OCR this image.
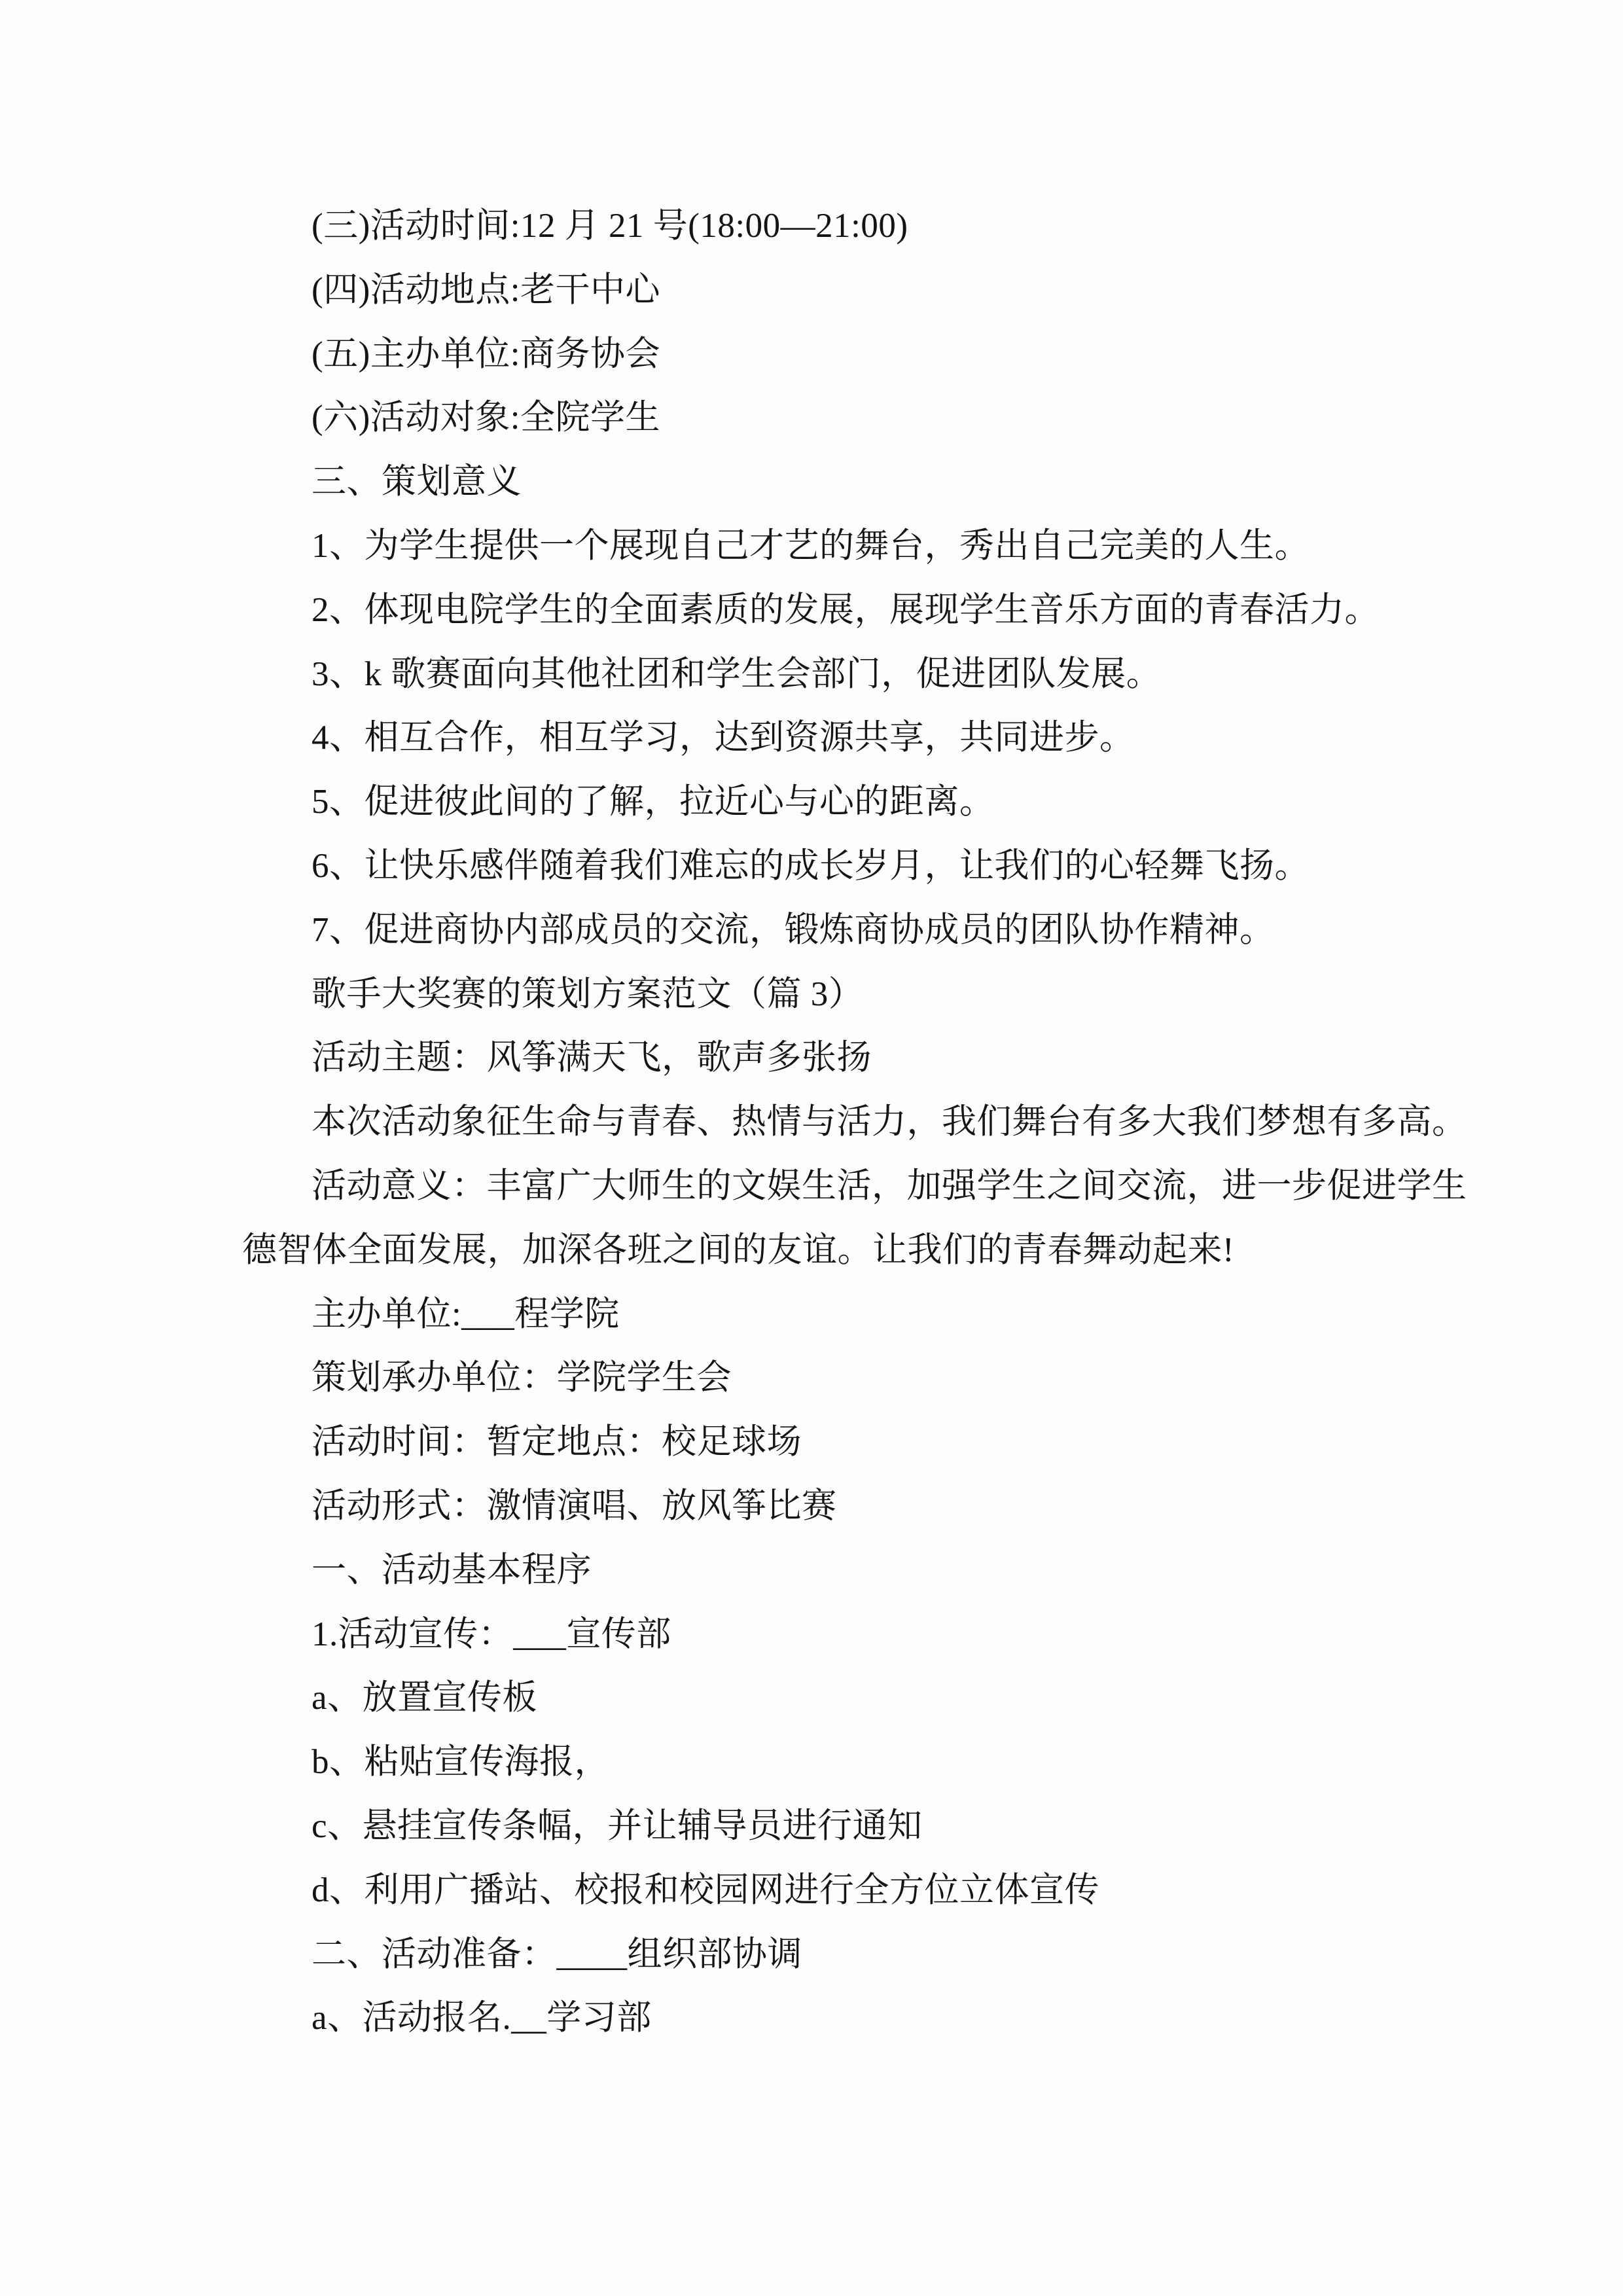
(三)活动时间:12 月 21 号(18:00—21:00)
(四)活动地点:老干中心
(五)主办单位:商务协会
(六)活动对象:全院学生
三、策划意义
1、为学生提供一个展现自己才艺的舞台，秀出自己完美的人生。
2、体现电院学生的全面素质的发展，展现学生音乐方面的青春活力。
3、k 歌赛面向其他社团和学生会部门，促进团队发展。
4、相互合作，相互学习，达到资源共享，共同进步。
5、促进彼此间的了解，拉近心与心的距离。
6、让快乐感伴随着我们难忘的成长岁月，让我们的心轻舞飞扬。
7、促进商协内部成员的交流，锻炼商协成员的团队协作精神。
歌手大奖赛的策划方案范文（篇 3）
活动主题：风筝满天飞，歌声多张扬
本次活动象征生命与青春、热情与活力，我们舞台有多大我们梦想有多高。
活动意义：丰富广大师生的文娱生活，加强学生之间交流，进一步促进学生
德智体全面发展，加深各班之间的友谊。让我们的青春舞动起来!
主办单位:___程学院
策划承办单位：学院学生会
活动时间：暂定地点：校足球场
活动形式：激情演唱、放风筝比赛
一、活动基本程序
1.活动宣传：___宣传部
a、放置宣传板
b、粘贴宣传海报，
c、悬挂宣传条幅，并让辅导员进行通知
d、利用广播站、校报和校园网进行全方位立体宣传
二、活动准备：____组织部协调
a、活动报名.__学习部
